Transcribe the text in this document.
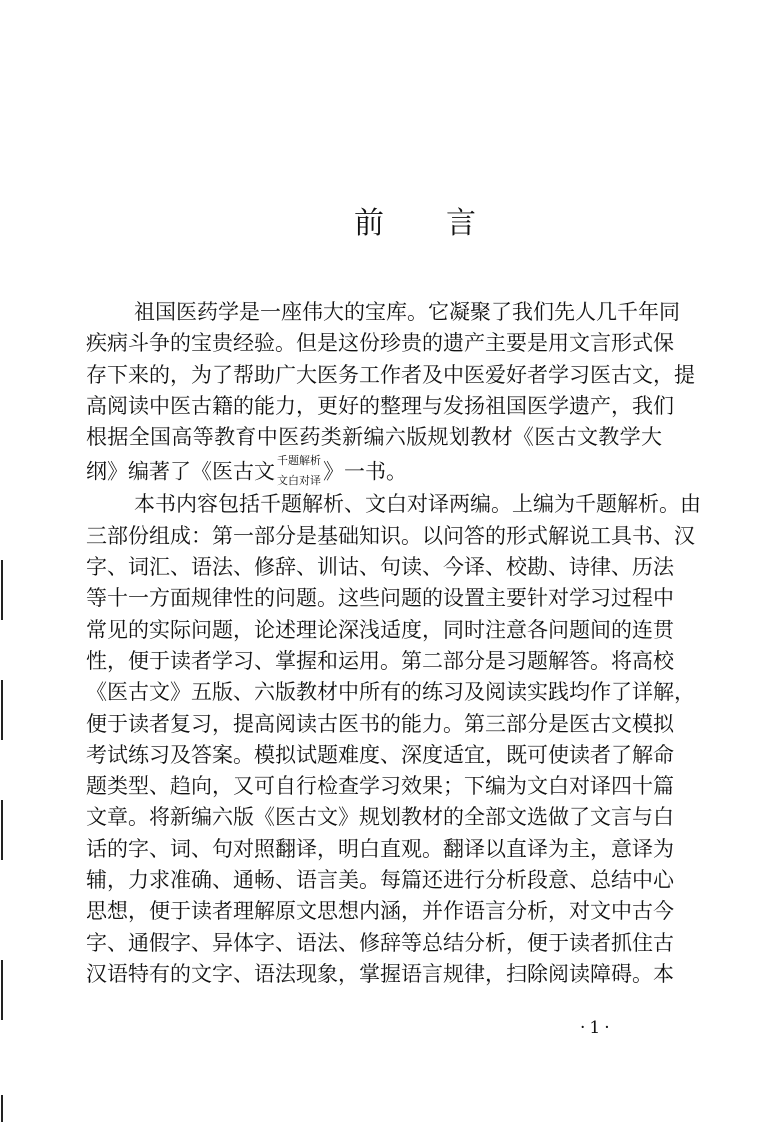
前言
祖国医药学是一座伟大的宝库。它凝聚了我们先人几千年同
疾病斗争的宝贵经验。但是这份珍贵的遗产主要是用文言形式保
存下来的，为了帮助广大医务工作者及中医爱好者学习医古文，提
高阅读中医古籍的能力，更好的整理与发扬祖国医学遗产，我们
根据全国高等教育中医药类新编六版规划教材《医古文教学大
纲》编著了《医古文 千题解析
文白对译 》一书。
本书内容包括千题解析、文白对译两编。上编为千题解析。由
三部份组成：第一部分是基础知识。以问答的形式解说工具书、汉
字、词汇、语法、修辞、训诂、句读、今译、校勘、诗律、历法
等十一方面规律性的问题。这些问题的设置主要针对学习过程中
常见的实际问题，论述理论深浅适度，同时注意各问题间的连贯
性，便于读者学习、掌握和运用。第二部分是习题解答。将高校
《医古文》五版、六版教材中所有的练习及阅读实践均作了详解，
便于读者复习，提高阅读古医书的能力。第三部分是医古文模拟
考试练习及答案。模拟试题难度、深度适宜，既可使读者了解命
题类型、趋向，又可自行检查学习效果；下编为文白对译四十篇
文章。将新编六版《医古文》规划教材的全部文选做了文言与白
话的字、词、句对照翻译，明白直观。翻译以直译为主，意译为
辅，力求准确、通畅、语言美。每篇还进行分析段意、总结中心
思想，便于读者理解原文思想内涵，并作语言分析，对文中古今
字、通假字、异体字、语法、修辞等总结分析，便于读者抓住古
汉语特有的文字、语法现象，掌握语言规律，扫除阅读障碍。本
·1·
